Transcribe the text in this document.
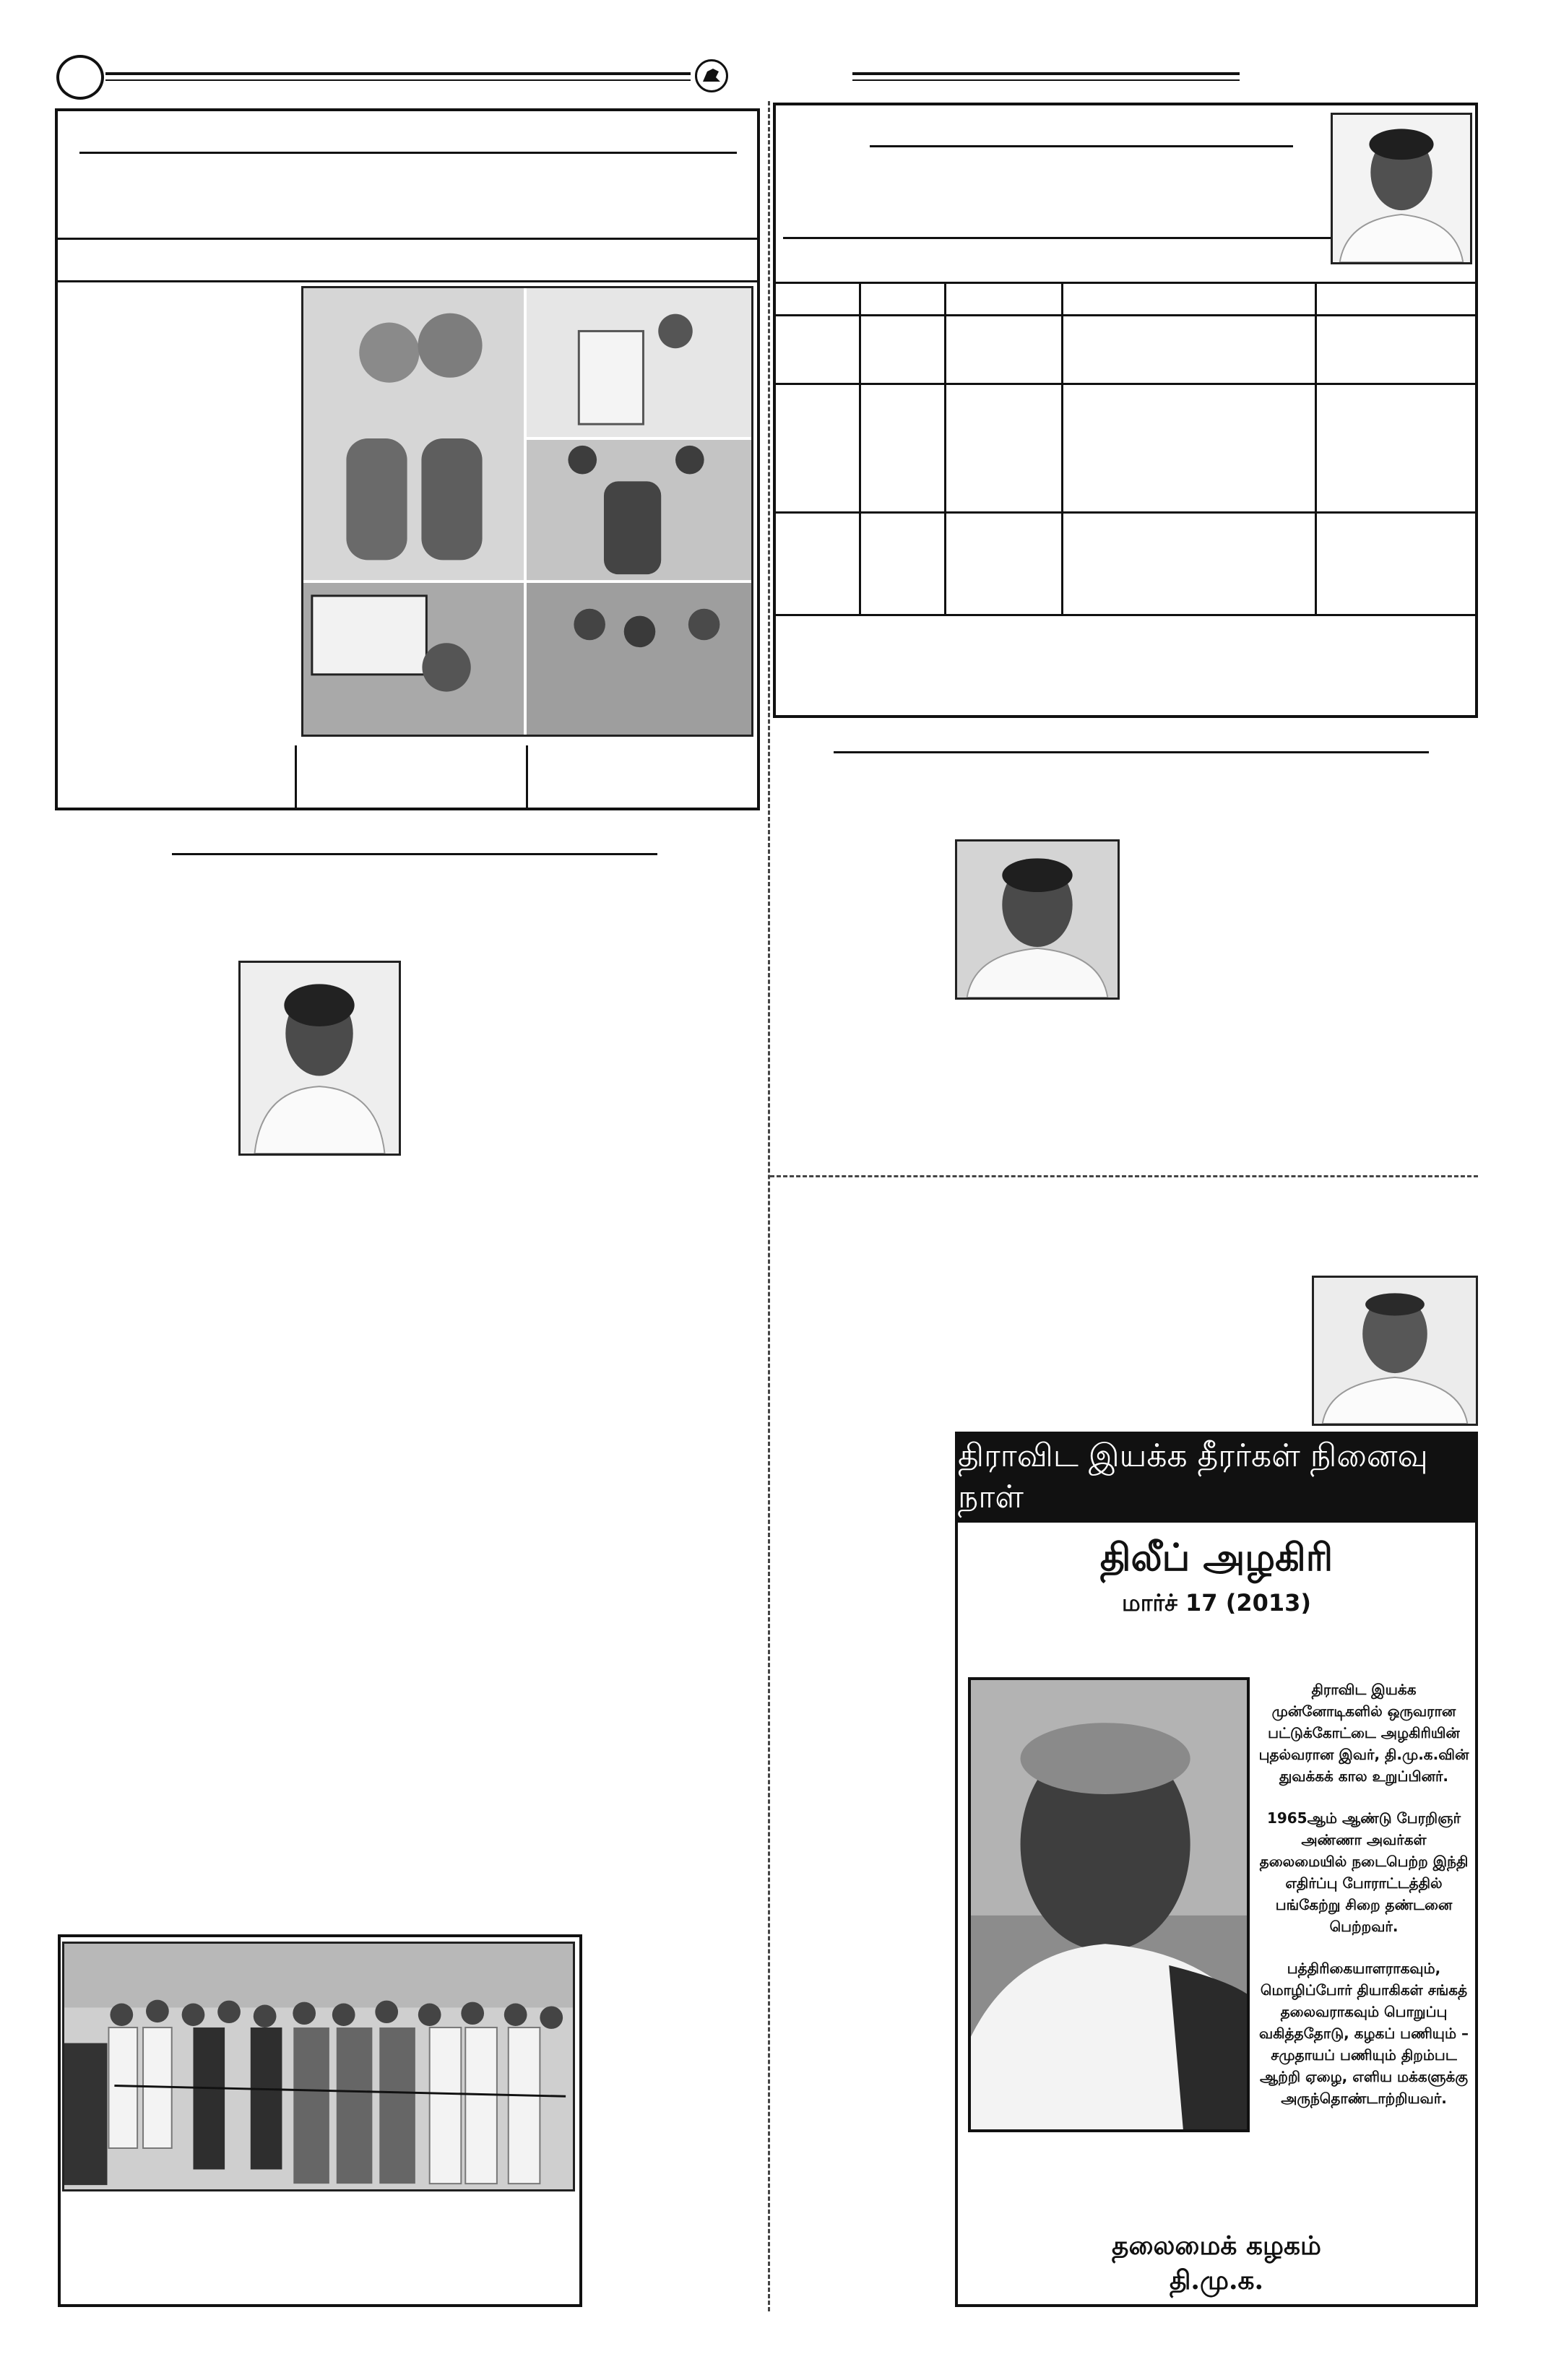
திராவிட இயக்க தீரர்கள் நினைவு நாள்
திலீப் அழகிரி
மார்ச் 17 (2013)

திராவிட இயக்க முன்னோடிகளில் ஒருவரான பட்டுக்கோட்டை அழகிரியின் புதல்வரான இவர், தி.மு.க.வின் துவக்கக் கால உறுப்பினர்.

1965ஆம் ஆண்டு பேரறிஞர் அண்ணா அவர்கள் தலைமையில் நடைபெற்ற இந்தி எதிர்ப்பு போராட்டத்தில் பங்கேற்று சிறை தண்டனை பெற்றவர்.

பத்திரிகையாளராகவும், மொழிப்போர் தியாகிகள் சங்கத் தலைவராகவும் பொறுப்பு வகித்ததோடு, கழகப் பணியும் – சமுதாயப் பணியும் திறம்பட ஆற்றி ஏழை, எளிய மக்களுக்கு அருந்தொண்டாற்றியவர்.

தலைமைக் கழகம்
தி.மு.க.
